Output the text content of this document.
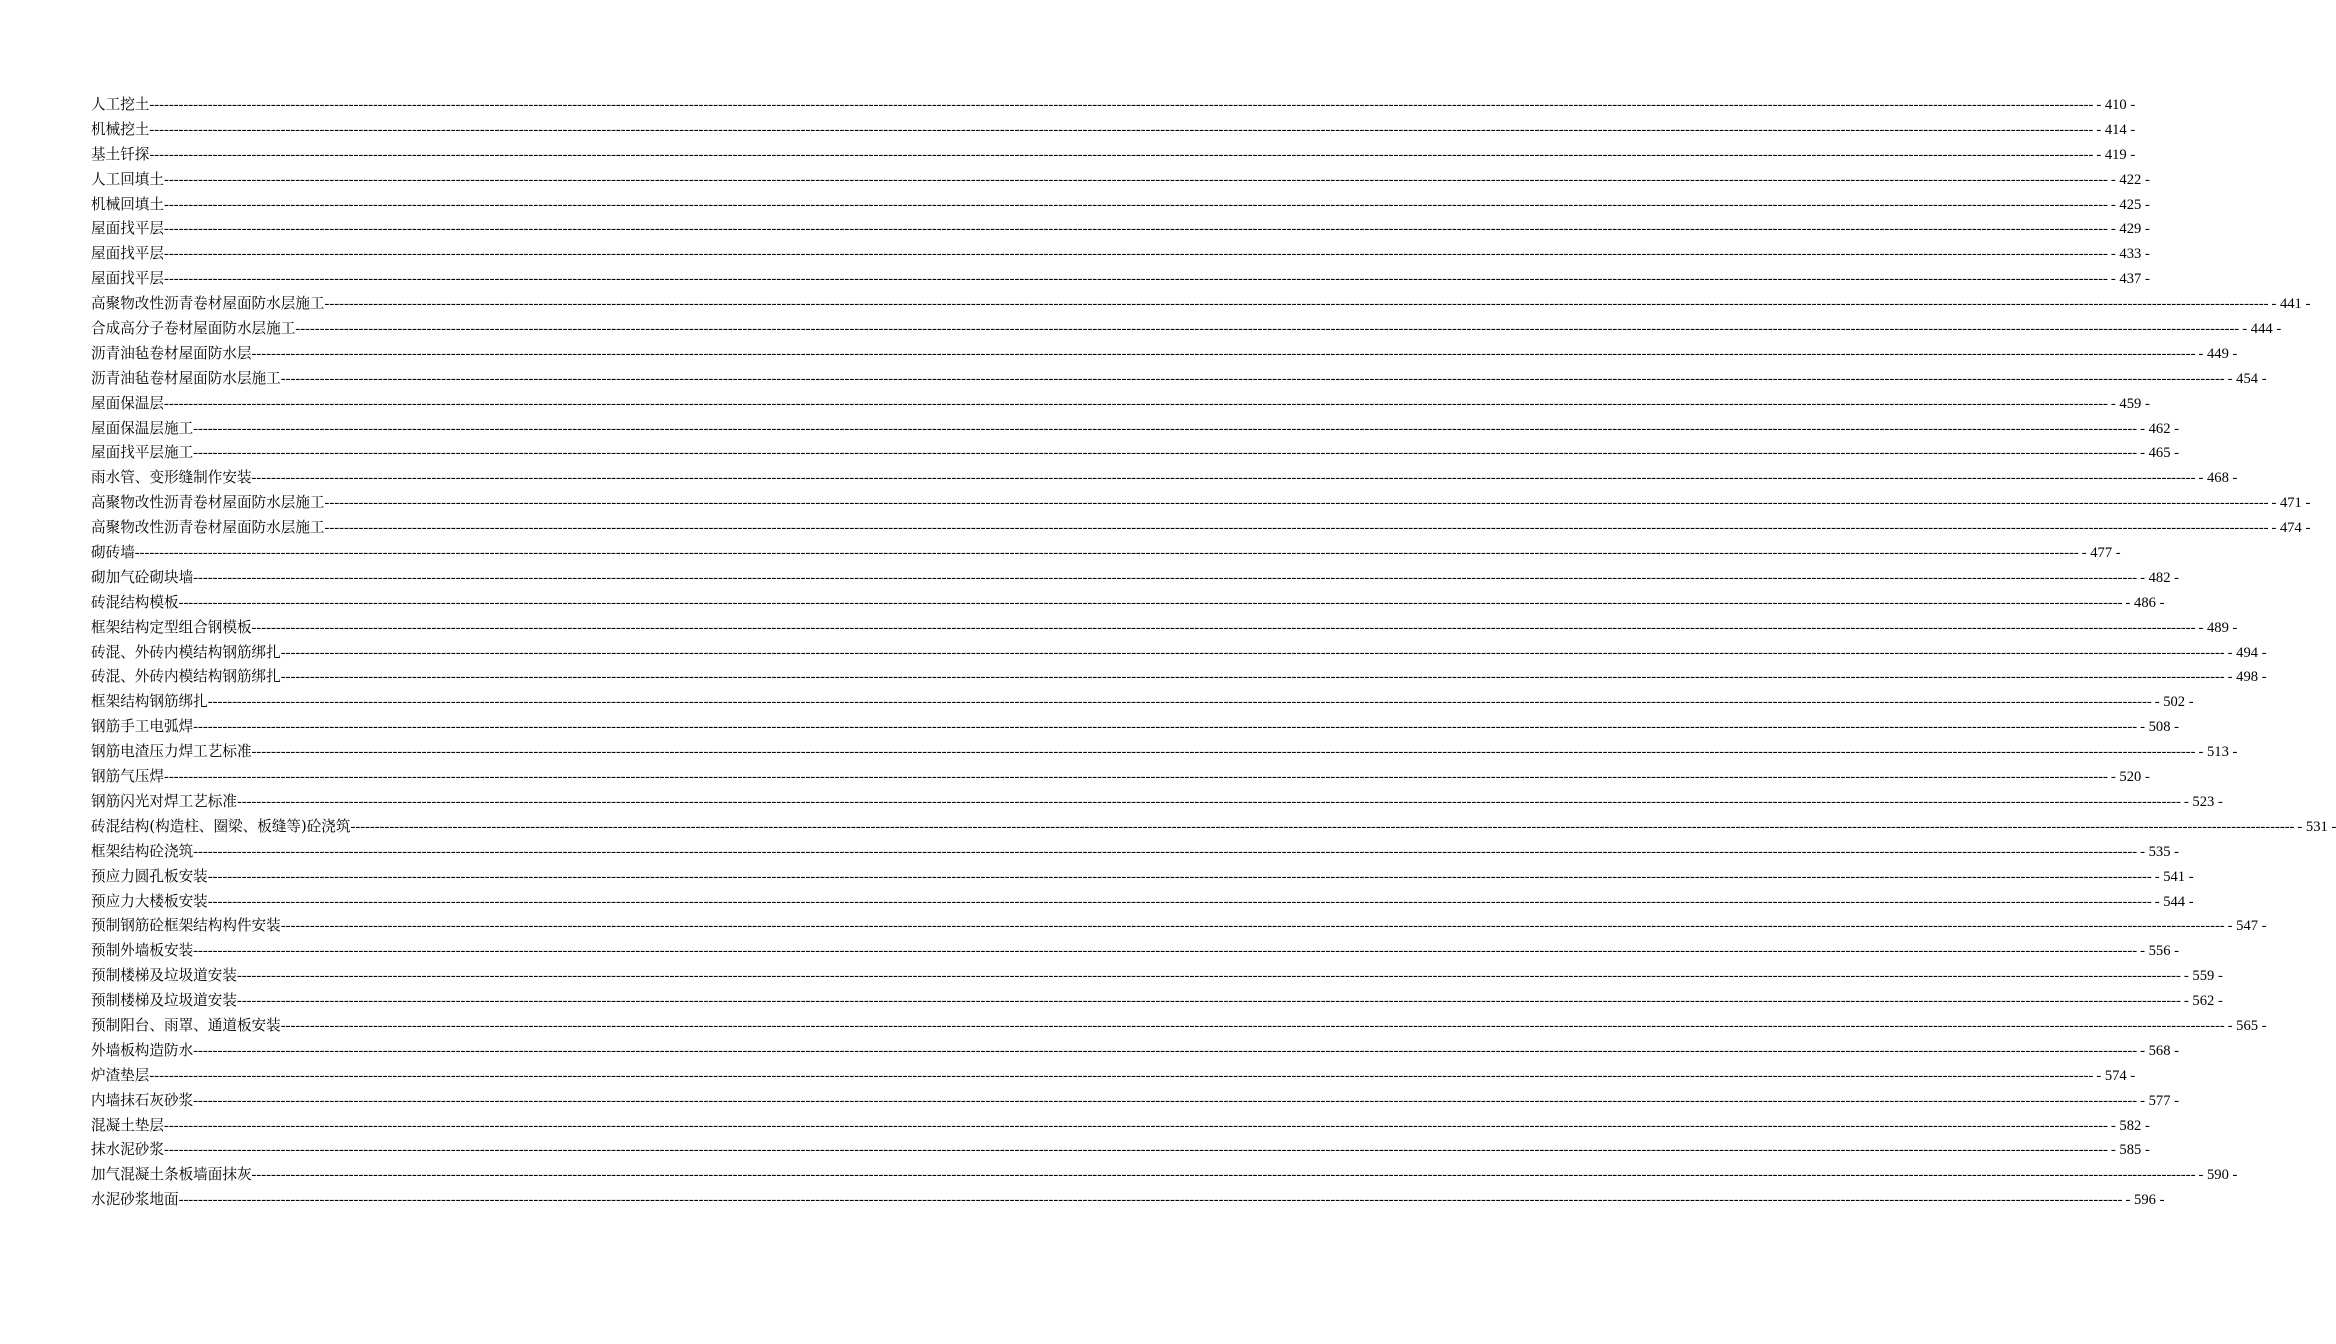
人工挖土 ---------------------------------------------------------------------------------------------------------------------------------------------------------------------------------------------------------------------------------------------------------------------------------------------------------------------------------------------------------------------------------------------------------------- - 410 -
机械挖土 ---------------------------------------------------------------------------------------------------------------------------------------------------------------------------------------------------------------------------------------------------------------------------------------------------------------------------------------------------------------------------------------------------------------- - 414 -
基土钎探 ---------------------------------------------------------------------------------------------------------------------------------------------------------------------------------------------------------------------------------------------------------------------------------------------------------------------------------------------------------------------------------------------------------------- - 419 -
人工回填土 ---------------------------------------------------------------------------------------------------------------------------------------------------------------------------------------------------------------------------------------------------------------------------------------------------------------------------------------------------------------------------------------------------------------- - 422 -
机械回填土 ---------------------------------------------------------------------------------------------------------------------------------------------------------------------------------------------------------------------------------------------------------------------------------------------------------------------------------------------------------------------------------------------------------------- - 425 -
屋面找平层 ---------------------------------------------------------------------------------------------------------------------------------------------------------------------------------------------------------------------------------------------------------------------------------------------------------------------------------------------------------------------------------------------------------------- - 429 -
屋面找平层 ---------------------------------------------------------------------------------------------------------------------------------------------------------------------------------------------------------------------------------------------------------------------------------------------------------------------------------------------------------------------------------------------------------------- - 433 -
屋面找平层 ---------------------------------------------------------------------------------------------------------------------------------------------------------------------------------------------------------------------------------------------------------------------------------------------------------------------------------------------------------------------------------------------------------------- - 437 -
高聚物改性沥青卷材屋面防水层施工 ---------------------------------------------------------------------------------------------------------------------------------------------------------------------------------------------------------------------------------------------------------------------------------------------------------------------------------------------------------------------------------------------------------------- - 441 -
合成高分子卷材屋面防水层施工 ---------------------------------------------------------------------------------------------------------------------------------------------------------------------------------------------------------------------------------------------------------------------------------------------------------------------------------------------------------------------------------------------------------------- - 444 -
沥青油毡卷材屋面防水层 ---------------------------------------------------------------------------------------------------------------------------------------------------------------------------------------------------------------------------------------------------------------------------------------------------------------------------------------------------------------------------------------------------------------- - 449 -
沥青油毡卷材屋面防水层施工 ---------------------------------------------------------------------------------------------------------------------------------------------------------------------------------------------------------------------------------------------------------------------------------------------------------------------------------------------------------------------------------------------------------------- - 454 -
屋面保温层 ---------------------------------------------------------------------------------------------------------------------------------------------------------------------------------------------------------------------------------------------------------------------------------------------------------------------------------------------------------------------------------------------------------------- - 459 -
屋面保温层施工 ---------------------------------------------------------------------------------------------------------------------------------------------------------------------------------------------------------------------------------------------------------------------------------------------------------------------------------------------------------------------------------------------------------------- - 462 -
屋面找平层施工 ---------------------------------------------------------------------------------------------------------------------------------------------------------------------------------------------------------------------------------------------------------------------------------------------------------------------------------------------------------------------------------------------------------------- - 465 -
雨水管、变形缝制作安装 ---------------------------------------------------------------------------------------------------------------------------------------------------------------------------------------------------------------------------------------------------------------------------------------------------------------------------------------------------------------------------------------------------------------- - 468 -
高聚物改性沥青卷材屋面防水层施工 ---------------------------------------------------------------------------------------------------------------------------------------------------------------------------------------------------------------------------------------------------------------------------------------------------------------------------------------------------------------------------------------------------------------- - 471 -
高聚物改性沥青卷材屋面防水层施工 ---------------------------------------------------------------------------------------------------------------------------------------------------------------------------------------------------------------------------------------------------------------------------------------------------------------------------------------------------------------------------------------------------------------- - 474 -
砌砖墙 ---------------------------------------------------------------------------------------------------------------------------------------------------------------------------------------------------------------------------------------------------------------------------------------------------------------------------------------------------------------------------------------------------------------- - 477 -
砌加气砼砌块墙 ---------------------------------------------------------------------------------------------------------------------------------------------------------------------------------------------------------------------------------------------------------------------------------------------------------------------------------------------------------------------------------------------------------------- - 482 -
砖混结构模板 ---------------------------------------------------------------------------------------------------------------------------------------------------------------------------------------------------------------------------------------------------------------------------------------------------------------------------------------------------------------------------------------------------------------- - 486 -
框架结构定型组合钢模板 ---------------------------------------------------------------------------------------------------------------------------------------------------------------------------------------------------------------------------------------------------------------------------------------------------------------------------------------------------------------------------------------------------------------- - 489 -
砖混、外砖内模结构钢筋绑扎 ---------------------------------------------------------------------------------------------------------------------------------------------------------------------------------------------------------------------------------------------------------------------------------------------------------------------------------------------------------------------------------------------------------------- - 494 -
砖混、外砖内模结构钢筋绑扎 ---------------------------------------------------------------------------------------------------------------------------------------------------------------------------------------------------------------------------------------------------------------------------------------------------------------------------------------------------------------------------------------------------------------- - 498 -
框架结构钢筋绑扎 ---------------------------------------------------------------------------------------------------------------------------------------------------------------------------------------------------------------------------------------------------------------------------------------------------------------------------------------------------------------------------------------------------------------- - 502 -
钢筋手工电弧焊 ---------------------------------------------------------------------------------------------------------------------------------------------------------------------------------------------------------------------------------------------------------------------------------------------------------------------------------------------------------------------------------------------------------------- - 508 -
钢筋电渣压力焊工艺标准 ---------------------------------------------------------------------------------------------------------------------------------------------------------------------------------------------------------------------------------------------------------------------------------------------------------------------------------------------------------------------------------------------------------------- - 513 -
钢筋气压焊 ---------------------------------------------------------------------------------------------------------------------------------------------------------------------------------------------------------------------------------------------------------------------------------------------------------------------------------------------------------------------------------------------------------------- - 520 -
钢筋闪光对焊工艺标准 ---------------------------------------------------------------------------------------------------------------------------------------------------------------------------------------------------------------------------------------------------------------------------------------------------------------------------------------------------------------------------------------------------------------- - 523 -
砖混结构(构造柱、圈梁、板缝等)砼浇筑 ---------------------------------------------------------------------------------------------------------------------------------------------------------------------------------------------------------------------------------------------------------------------------------------------------------------------------------------------------------------------------------------------------------------- - 531 -
框架结构砼浇筑 ---------------------------------------------------------------------------------------------------------------------------------------------------------------------------------------------------------------------------------------------------------------------------------------------------------------------------------------------------------------------------------------------------------------- - 535 -
预应力圆孔板安装 ---------------------------------------------------------------------------------------------------------------------------------------------------------------------------------------------------------------------------------------------------------------------------------------------------------------------------------------------------------------------------------------------------------------- - 541 -
预应力大楼板安装 ---------------------------------------------------------------------------------------------------------------------------------------------------------------------------------------------------------------------------------------------------------------------------------------------------------------------------------------------------------------------------------------------------------------- - 544 -
预制钢筋砼框架结构构件安装 ---------------------------------------------------------------------------------------------------------------------------------------------------------------------------------------------------------------------------------------------------------------------------------------------------------------------------------------------------------------------------------------------------------------- - 547 -
预制外墙板安装 ---------------------------------------------------------------------------------------------------------------------------------------------------------------------------------------------------------------------------------------------------------------------------------------------------------------------------------------------------------------------------------------------------------------- - 556 -
预制楼梯及垃圾道安装 ---------------------------------------------------------------------------------------------------------------------------------------------------------------------------------------------------------------------------------------------------------------------------------------------------------------------------------------------------------------------------------------------------------------- - 559 -
预制楼梯及垃圾道安装 ---------------------------------------------------------------------------------------------------------------------------------------------------------------------------------------------------------------------------------------------------------------------------------------------------------------------------------------------------------------------------------------------------------------- - 562 -
预制阳台、雨罩、通道板安装 ---------------------------------------------------------------------------------------------------------------------------------------------------------------------------------------------------------------------------------------------------------------------------------------------------------------------------------------------------------------------------------------------------------------- - 565 -
外墙板构造防水 ---------------------------------------------------------------------------------------------------------------------------------------------------------------------------------------------------------------------------------------------------------------------------------------------------------------------------------------------------------------------------------------------------------------- - 568 -
炉渣垫层 ---------------------------------------------------------------------------------------------------------------------------------------------------------------------------------------------------------------------------------------------------------------------------------------------------------------------------------------------------------------------------------------------------------------- - 574 -
内墙抹石灰砂浆 ---------------------------------------------------------------------------------------------------------------------------------------------------------------------------------------------------------------------------------------------------------------------------------------------------------------------------------------------------------------------------------------------------------------- - 577 -
混凝土垫层 ---------------------------------------------------------------------------------------------------------------------------------------------------------------------------------------------------------------------------------------------------------------------------------------------------------------------------------------------------------------------------------------------------------------- - 582 -
抹水泥砂浆 ---------------------------------------------------------------------------------------------------------------------------------------------------------------------------------------------------------------------------------------------------------------------------------------------------------------------------------------------------------------------------------------------------------------- - 585 -
加气混凝土条板墙面抹灰 ---------------------------------------------------------------------------------------------------------------------------------------------------------------------------------------------------------------------------------------------------------------------------------------------------------------------------------------------------------------------------------------------------------------- - 590 -
水泥砂浆地面 ---------------------------------------------------------------------------------------------------------------------------------------------------------------------------------------------------------------------------------------------------------------------------------------------------------------------------------------------------------------------------------------------------------------- - 596 -
